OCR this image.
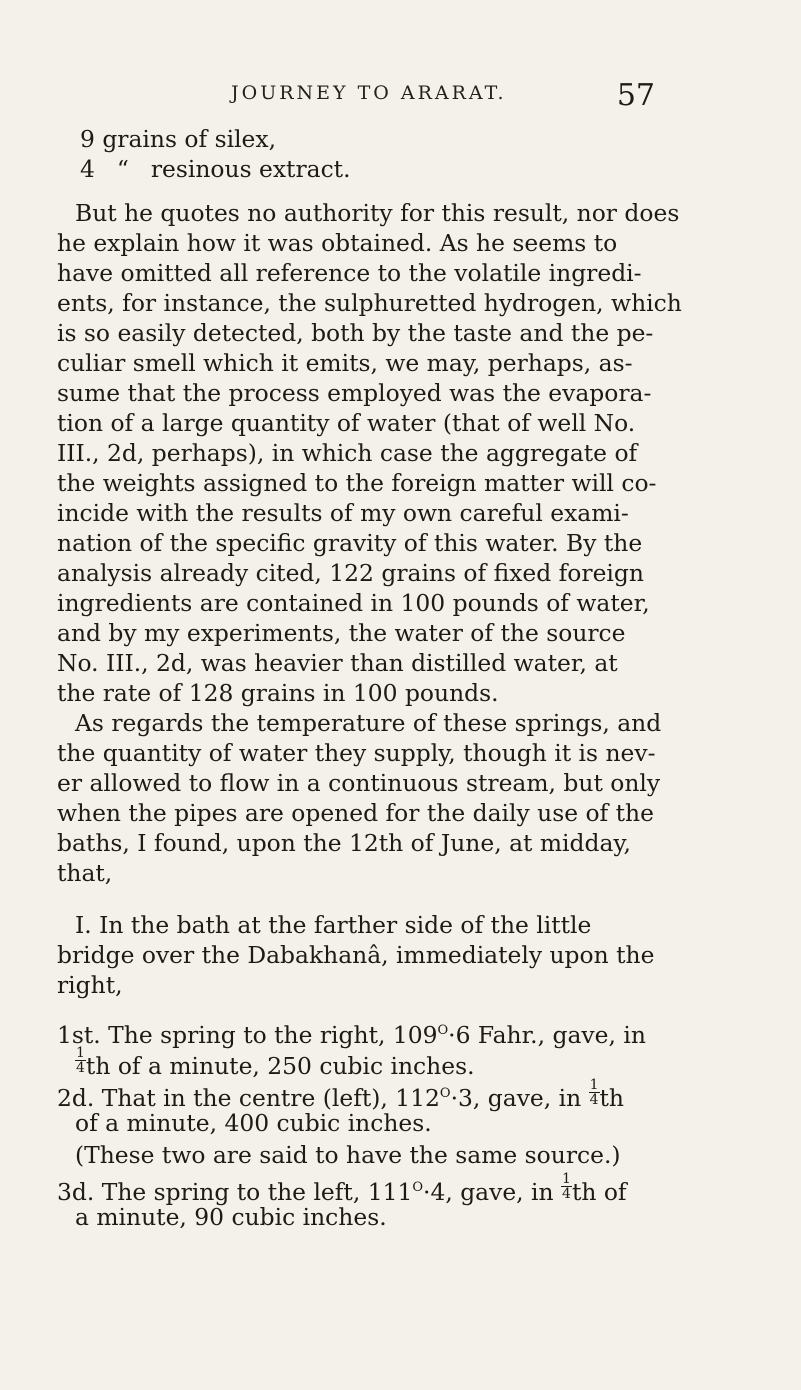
JOURNEY TO ARARAT.	57
9 grains of silex,
4 “ resinous extract.
But he quotes no authority for this result, nor does
he explain how it was obtained. As he seems to
have omitted all reference to the volatile ingredi-
ents, for instance, the sulphuretted hydrogen, which
is so easily detected, both by the taste and the pe-
culiar smell which it emits, we may, perhaps, as-
sume that the process employed was the evapora-
tion of a large quantity of water (that of well No.
III., 2d, perhaps), in which case the aggregate of
the weights assigned to the foreign matter will co-
incide with the results of my own careful exami-
nation of the specific gravity of this water. By the
analysis already cited, 122 grains of fixed foreign
ingredients are contained in 100 pounds of water,
and by my experiments, the water of the source
No. III., 2d, was heavier than distilled water, at
the rate of 128 grains in 100 pounds.
As regards the temperature of these springs, and
the quantity of water they supply, though it is nev-
er allowed to flow in a continuous stream, but only
when the pipes are opened for the daily use of the
baths, I found, upon the 12th of June, at midday,
that,
I. In the bath at the farther side of the little
bridge over the Dabakhanâ, immediately upon the
right,
1st. The spring to the right, $109^O\cdot 6$ Fahr., gave, in
$\frac{1}{4}$ th of a minute, 250 cubic inches.
2d. That in the centre (left), $112^O\cdot 3$, gave, in $\frac{1}{4}$ th
of a minute, 400 cubic inches.
(These two are said to have the same source.)
3d. The spring to the left, $111^O\cdot 4$, gave, in $\frac{1}{4}$ th of
a minute, 90 cubic inches.
